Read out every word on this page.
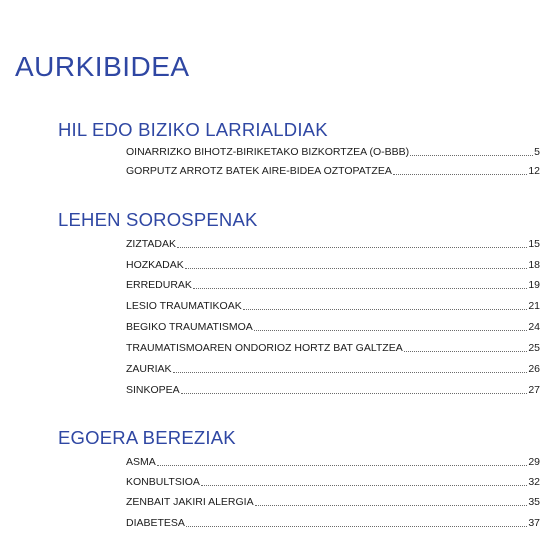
AURKIBIDEA
HIL EDO BIZIKO LARRIALDIAK
OINARRIZKO BIHOTZ-BIRIKETAKO BIZKORTZEA (O-BBB)	5
GORPUTZ ARROTZ BATEK AIRE-BIDEA OZTOPATZEA	12
LEHEN SOROSPENAK
ZIZTADAK	15
HOZKADAK	18
ERREDURAK	19
LESIO TRAUMATIKOAK	21
BEGIKO TRAUMATISMOA	24
TRAUMATISMOAREN ONDORIOZ HORTZ BAT GALTZEA	25
ZAURIAK	26
SINKOPEA	27
EGOERA BEREZIAK
ASMA	29
KONBULTSIOA	32
ZENBAIT JAKIRI ALERGIA	35
DIABETESA	37
